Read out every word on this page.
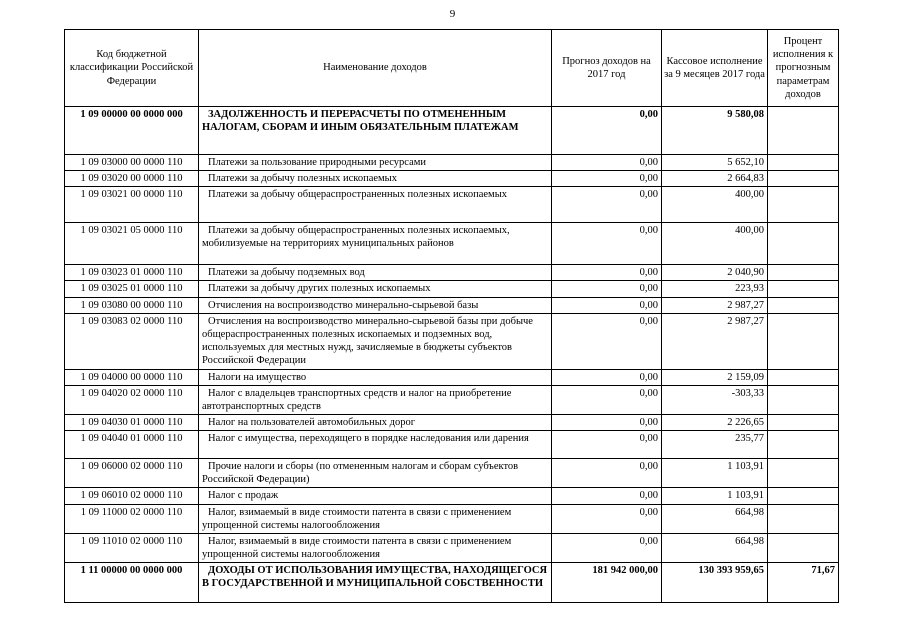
9
Код бюджетной классификации Российской Федерации	Наименование доходов	Прогноз доходов на 2017 год	Кассовое исполнение за 9 месяцев 2017 года	Процент исполнения к прогнозным параметрам доходов
1 09 00000 00 0000 000	ЗАДОЛЖЕННОСТЬ И ПЕРЕРАСЧЕТЫ ПО ОТМЕНЕННЫМ НАЛОГАМ, СБОРАМ И ИНЫМ ОБЯЗАТЕЛЬНЫМ ПЛАТЕЖАМ	0,00	9 580,08	
1 09 03000 00 0000 110	Платежи за пользование природными ресурсами	0,00	5 652,10	
1 09 03020 00 0000 110	Платежи за добычу полезных ископаемых	0,00	2 664,83	
1 09 03021 00 0000 110	Платежи за добычу общераспространенных полезных ископаемых	0,00	400,00	
1 09 03021 05 0000 110	Платежи за добычу общераспространенных полезных ископаемых, мобилизуемые на территориях муниципальных районов	0,00	400,00	
1 09 03023 01 0000 110	Платежи за добычу подземных вод	0,00	2 040,90	
1 09 03025 01 0000 110	Платежи за добычу других полезных ископаемых	0,00	223,93	
1 09 03080 00 0000 110	Отчисления на воспроизводство минерально-сырьевой базы	0,00	2 987,27	
1 09 03083 02 0000 110	Отчисления на воспроизводство минерально-сырьевой базы при добыче общераспространенных полезных ископаемых и подземных вод, используемых для местных нужд, зачисляемые в бюджеты субъектов Российской Федерации	0,00	2 987,27	
1 09 04000 00 0000 110	Налоги на имущество	0,00	2 159,09	
1 09 04020 02 0000 110	Налог с владельцев транспортных средств и налог на приобретение автотранспортных средств	0,00	-303,33	
1 09 04030 01 0000 110	Налог на пользователей автомобильных дорог	0,00	2 226,65	
1 09 04040 01 0000 110	Налог с имущества, переходящего в порядке наследования или дарения	0,00	235,77	
1 09 06000 02 0000 110	Прочие налоги и сборы (по отмененным налогам и сборам субъектов Российской Федерации)	0,00	1 103,91	
1 09 06010 02 0000 110	Налог с продаж	0,00	1 103,91	
1 09 11000 02 0000 110	Налог, взимаемый в виде стоимости патента в связи с применением упрощенной системы налогообложения	0,00	664,98	
1 09 11010 02 0000 110	Налог, взимаемый в виде стоимости патента в связи с применением упрощенной системы налогообложения	0,00	664,98	
1 11 00000 00 0000 000	ДОХОДЫ ОТ ИСПОЛЬЗОВАНИЯ ИМУЩЕСТВА, НАХОДЯЩЕГОСЯ В ГОСУДАРСТВЕННОЙ И МУНИЦИПАЛЬНОЙ СОБСТВЕННОСТИ	181 942 000,00	130 393 959,65	71,67
